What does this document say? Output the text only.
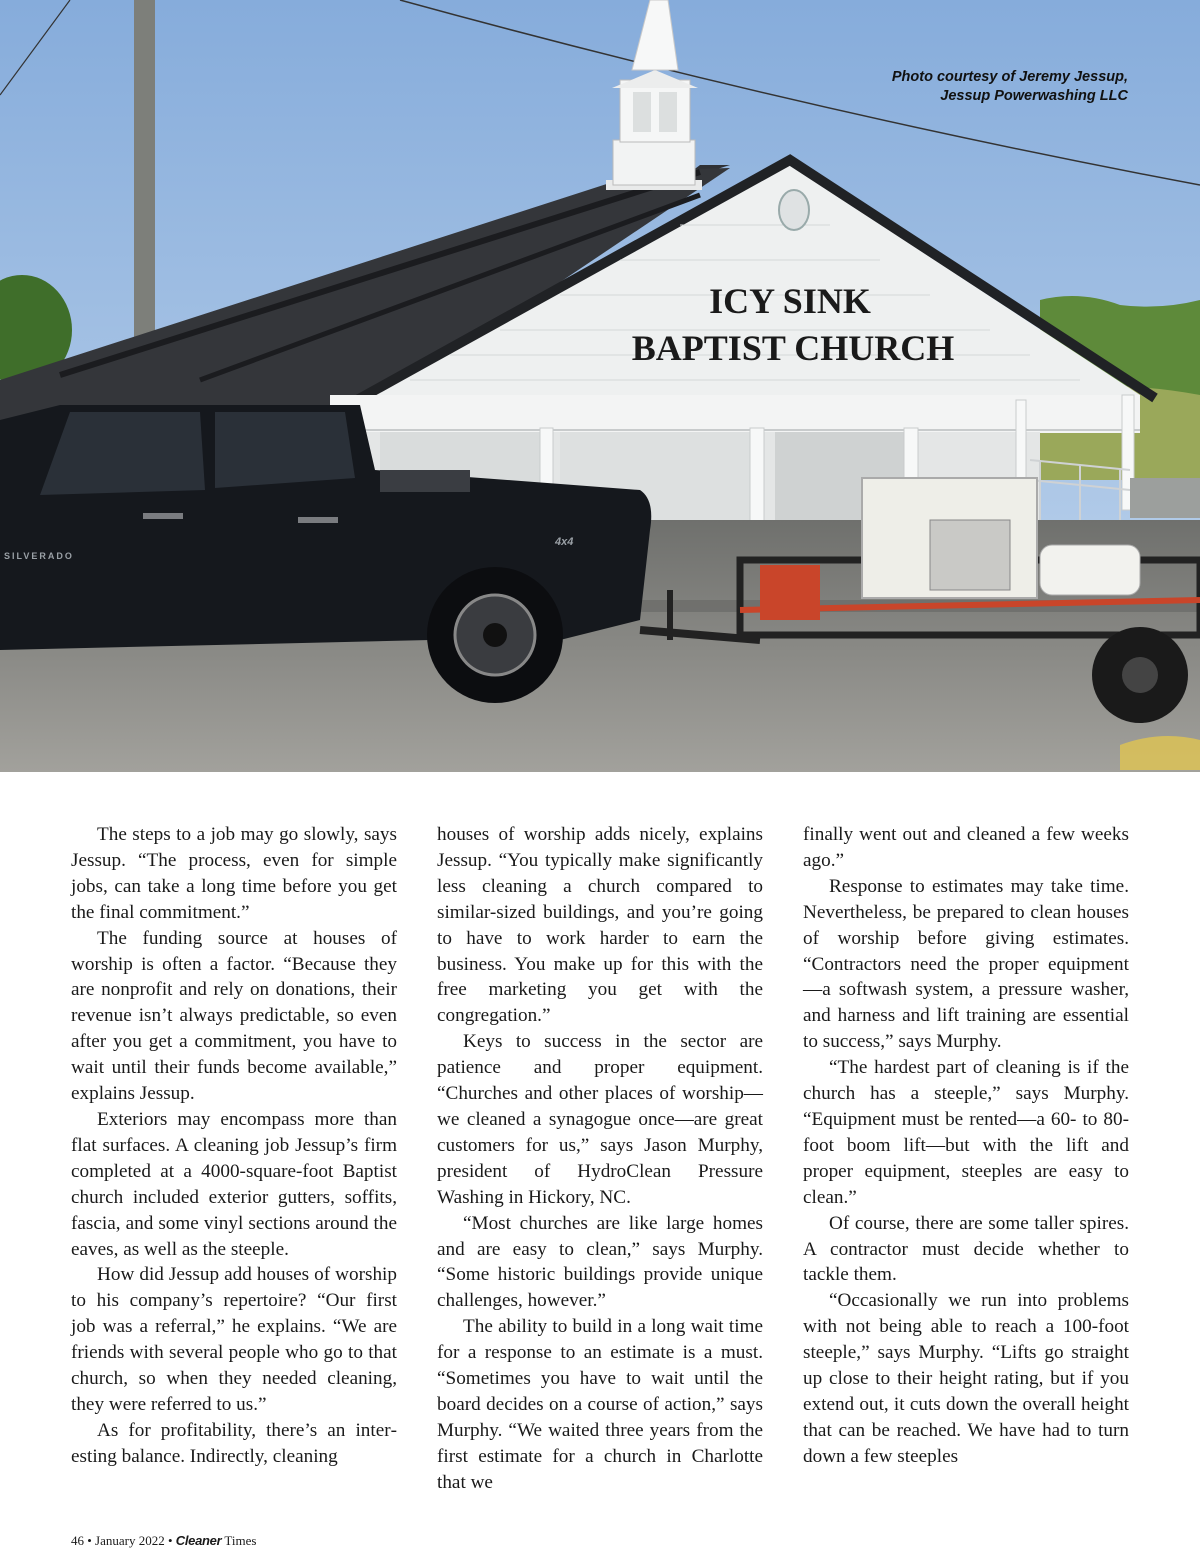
ICY SINK
BAPTIST CHURCH
SILVERADO
4x4
Photo courtesy of Jeremy Jessup,
Jessup Powerwashing LLC

The steps to a job may go slowly, says Jessup. “The process, even for simple jobs, can take a long time before you get the final commitment.”

The funding source at houses of worship is often a factor. “Because they are nonprofit and rely on donations, their revenue isn’t always predictable, so even after you get a commitment, you have to wait until their funds become available,” explains Jessup.

Exteriors may encompass more than flat surfaces. A cleaning job Jessup’s firm completed at a 4000-square-foot Baptist church included exterior gutters, soffits, fascia, and some vinyl sections around the eaves, as well as the steeple.

How did Jessup add houses of worship to his company’s repertoire? “Our first job was a referral,” he explains. “We are friends with several people who go to that church, so when they needed cleaning, they were referred to us.”

As for profitability, there’s an interesting balance. Indirectly, cleaning

houses of worship adds nicely, explains Jessup. “You typically make significantly less cleaning a church compared to similar-sized buildings, and you’re going to have to work harder to earn the business. You make up for this with the free marketing you get with the congregation.”

Keys to success in the sector are patience and proper equipment. “Churches and other places of worship—we cleaned a synagogue once—are great customers for us,” says Jason Murphy, president of HydroClean Pressure Washing in Hickory, NC.

“Most churches are like large homes and are easy to clean,” says Murphy. “Some historic buildings provide unique challenges, however.”

The ability to build in a long wait time for a response to an estimate is a must. “Sometimes you have to wait until the board decides on a course of action,” says Murphy. “We waited three years from the first estimate for a church in Charlotte that we

finally went out and cleaned a few weeks ago.”

Response to estimates may take time. Nevertheless, be prepared to clean houses of worship before giving estimates. “Contractors need the proper equipment—a softwash system, a pressure washer, and harness and lift training are essential to success,” says Murphy.

“The hardest part of cleaning is if the church has a steeple,” says Murphy. “Equipment must be rented—a 60- to 80-foot boom lift—but with the lift and proper equipment, steeples are easy to clean.”

Of course, there are some taller spires. A contractor must decide whether to tackle them.

“Occasionally we run into problems with not being able to reach a 100-foot steeple,” says Murphy. “Lifts go straight up close to their height rating, but if you extend out, it cuts down the overall height that can be reached. We have had to turn down a few steeples

46 • January 2022 • Cleaner Times
